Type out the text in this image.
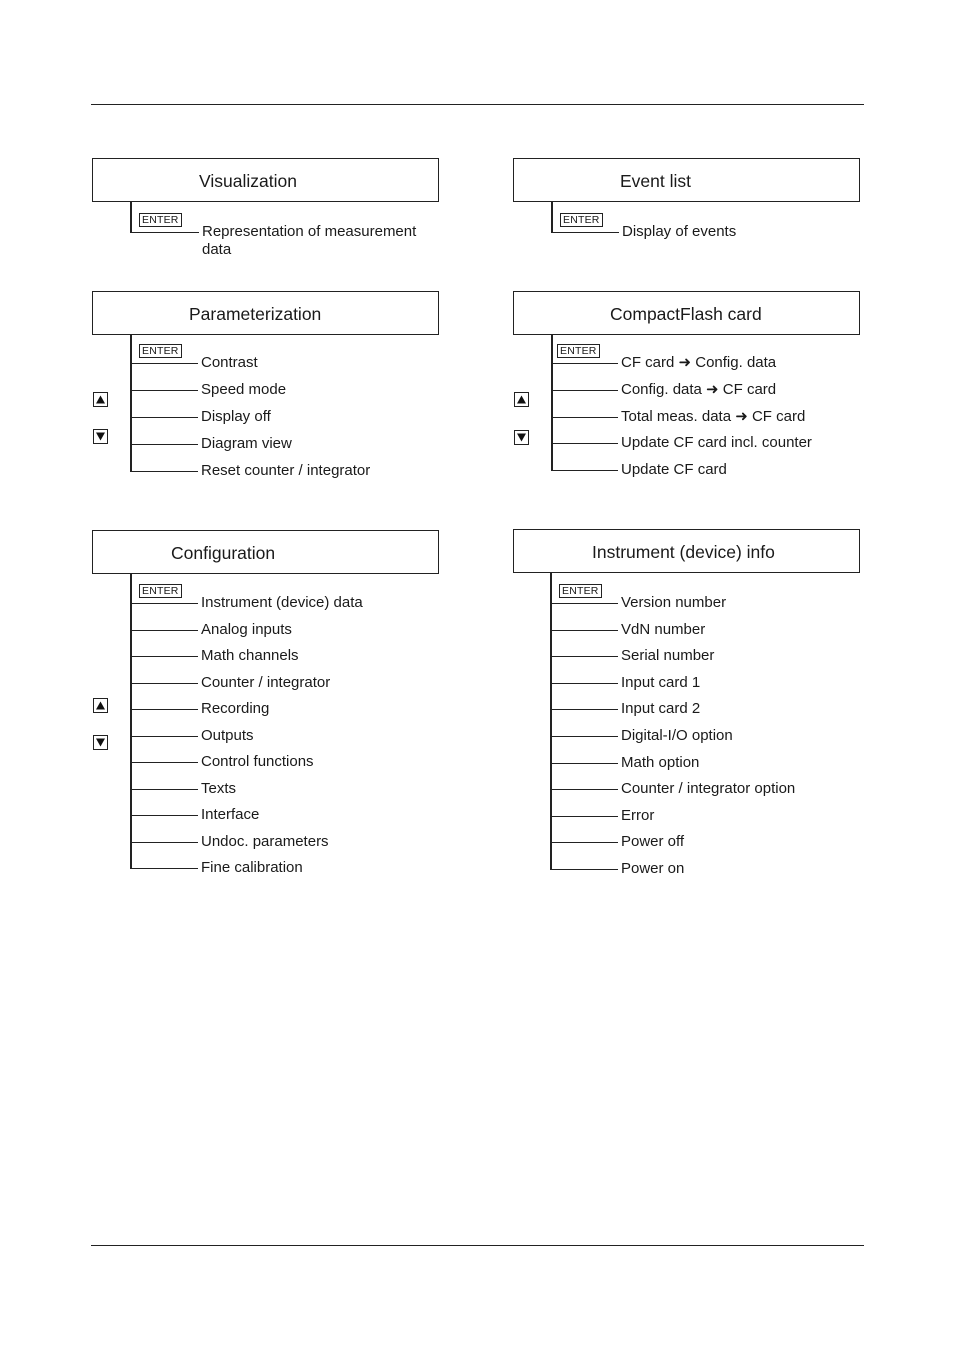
Visualization
ENTER
Representation of measurement data
Event list
ENTER
Display of events
Parameterization
ENTER
Contrast
Speed mode
Display off
Diagram view
Reset counter / integrator
CompactFlash card
ENTER
CF card ➜ Config. data
Config. data ➜ CF card
Total meas. data ➜ CF card
Update CF card incl. counter
Update CF card
Configuration
ENTER
Instrument (device) data
Analog inputs
Math channels
Counter / integrator
Recording
Outputs
Control functions
Texts
Interface
Undoc. parameters
Fine calibration
Instrument (device) info
ENTER
Version number
VdN number
Serial number
Input card 1
Input card 2
Digital-I/O option
Math option
Counter / integrator option
Error
Power off
Power on
